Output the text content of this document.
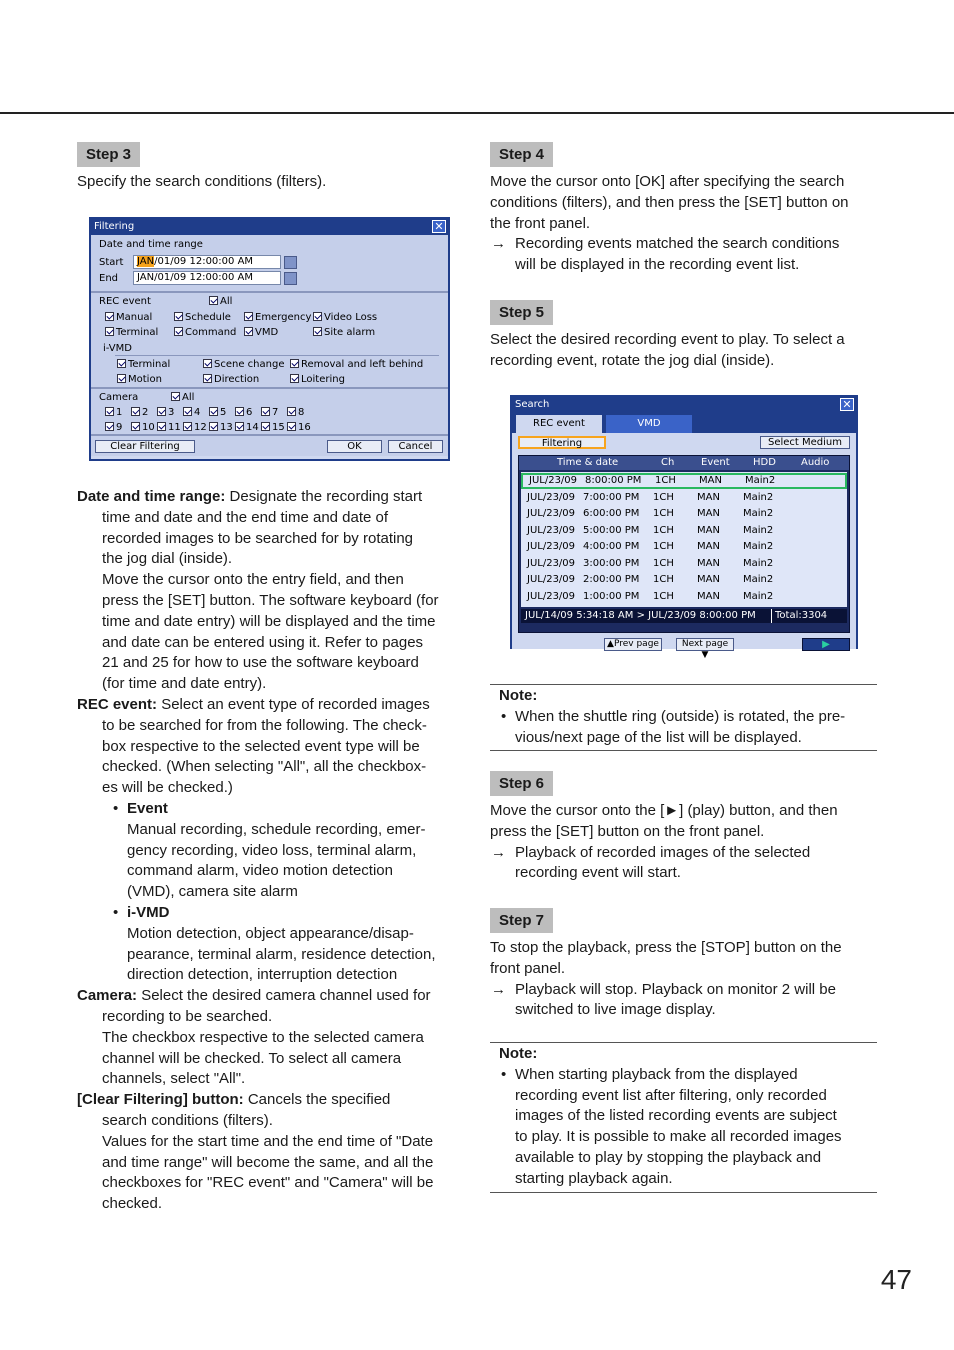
Step 3
Specify the search conditions (filters).
Filtering	✕
Date and time range
Start	JAN/01/09 12:00:00 AM
End	JAN/01/09 12:00:00 AM
REC event	All
Manual	Schedule	Emergency	Video Loss
Terminal	Command	VMD	Site alarm
i-VMD
Terminal	Scene change	Removal and left behind
Motion	Direction	Loitering
Camera	All
1	2	3	4	5	6	7	8
9	10	11	12	13	14	15	16
Clear Filtering	OK	Cancel
Date and time range: Designate the recording start
time and date and the end time and date of
recorded images to be searched for by rotating
the jog dial (inside).
Move the cursor onto the entry field, and then
press the [SET] button. The software keyboard (for
time and date entry) will be displayed and the time
and date can be entered using it. Refer to pages
21 and 25 for how to use the software keyboard
(for time and date entry).
REC event: Select an event type of recorded images
to be searched for from the following. The check-
box respective to the selected event type will be
checked. (When selecting "All", all the checkbox-
es will be checked.)
• Event
Manual recording, schedule recording, emer-
gency recording, video loss, terminal alarm,
command alarm, video motion detection
(VMD), camera site alarm
• i-VMD
Motion detection, object appearance/disap-
pearance, terminal alarm, residence detection,
direction detection, interruption detection
Camera: Select the desired camera channel used for
recording to be searched.
The checkbox respective to the selected camera
channel will be checked. To select all camera
channels, select "All".
[Clear Filtering] button: Cancels the specified
search conditions (filters).
Values for the start time and the end time of "Date
and time range" will become the same, and all the
checkboxes for "REC event" and "Camera" will be
checked.
Step 4
Move the cursor onto [OK] after specifying the search
conditions (filters), and then press the [SET] button on
the front panel.
→ Recording events matched the search conditions
will be displayed in the recording event list.
Step 5
Select the desired recording event to play. To select a
recording event, rotate the jog dial (inside).
Search	✕
REC event	VMD
Filtering	Select Medium
Time & date	Ch	Event HDD	Audio
JUL/23/09 8:00:00 PM 1CH MAN Main2
JUL/23/09 7:00:00 PM 1CH MAN Main2
JUL/23/09 6:00:00 PM 1CH MAN Main2
JUL/23/09 5:00:00 PM 1CH MAN Main2
JUL/23/09 4:00:00 PM 1CH MAN Main2
JUL/23/09 3:00:00 PM 1CH MAN Main2
JUL/23/09 2:00:00 PM 1CH MAN Main2
JUL/23/09 1:00:00 PM 1CH MAN Main2
JUL/14/09 5:34:18 AM > JUL/23/09 8:00:00 PM	Total:3304
▲Prev page	Next page ▼
▶
Note:
• When the shuttle ring (outside) is rotated, the pre-
vious/next page of the list will be displayed.
Step 6
Move the cursor onto the [►] (play) button, and then
press the [SET] button on the front panel.
→ Playback of recorded images of the selected
recording event will start.
Step 7
To stop the playback, press the [STOP] button on the
front panel.
→ Playback will stop. Playback on monitor 2 will be
switched to live image display.
Note:
• When starting playback from the displayed
recording event list after filtering, only recorded
images of the listed recording events are subject
to play. It is possible to make all recorded images
available to play by stopping the playback and
starting playback again.
47
